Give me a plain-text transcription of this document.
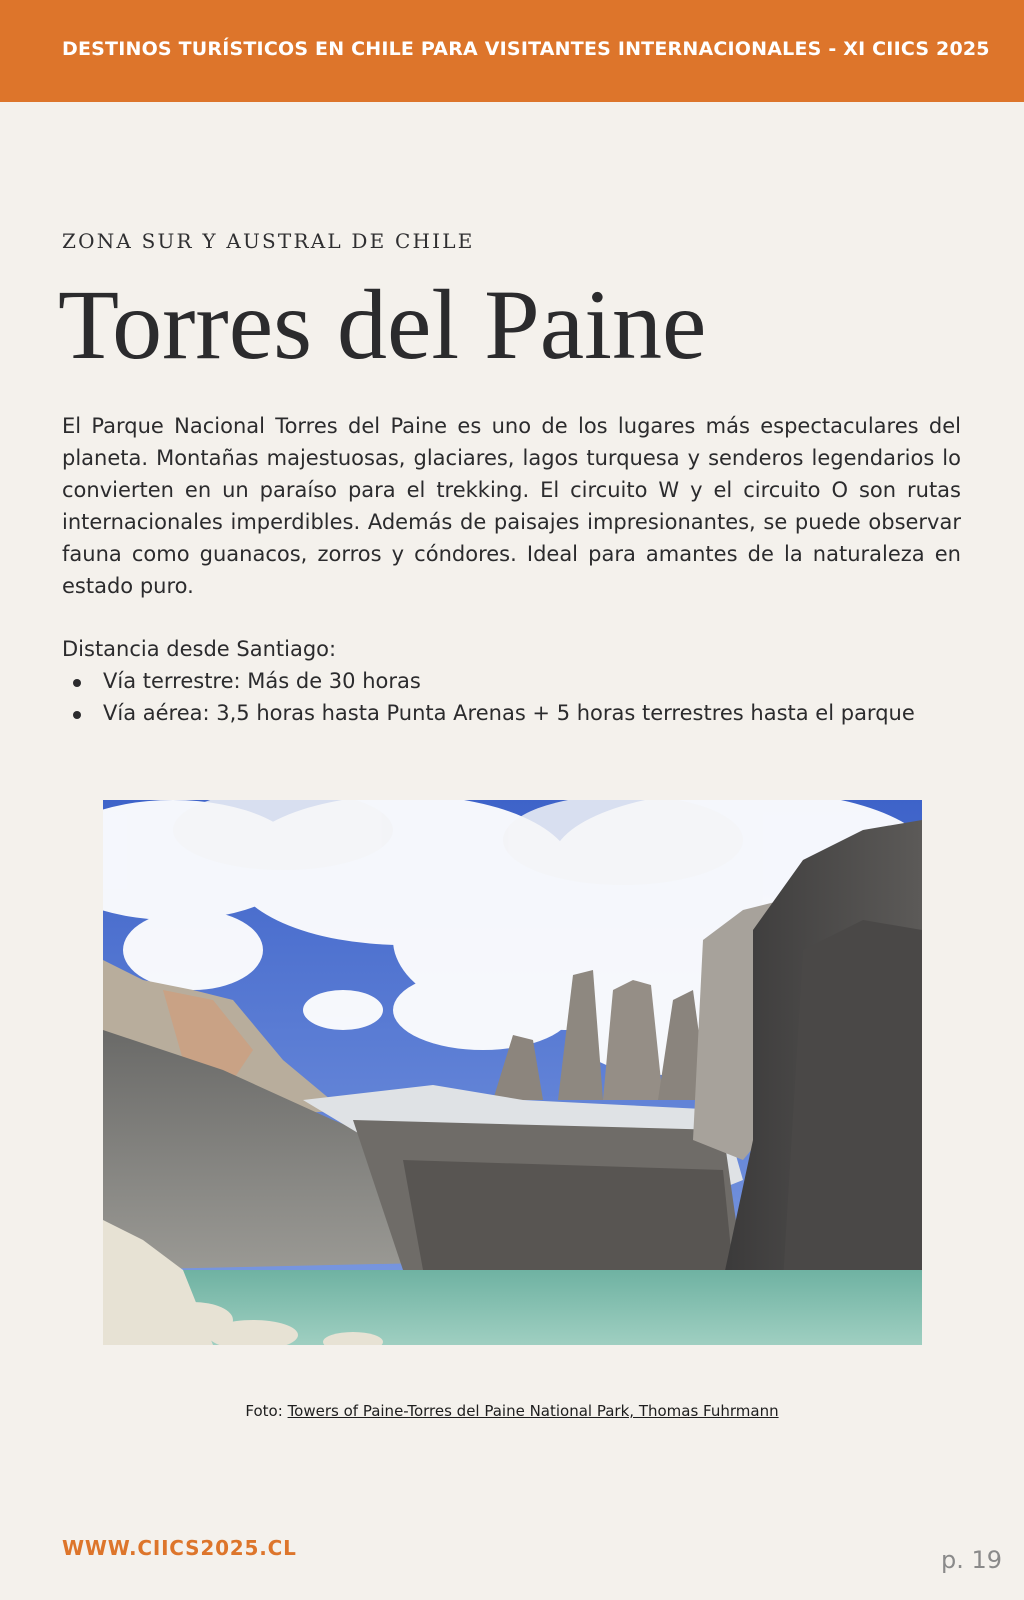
DESTINOS TURÍSTICOS EN CHILE PARA VISITANTES INTERNACIONALES - XI CIICS 2025
ZONA SUR Y AUSTRAL DE CHILE
Torres del Paine

El Parque Nacional Torres del Paine es uno de los lugares más espectaculares del planeta. Montañas majestuosas, glaciares, lagos turquesa y senderos legendarios lo convierten en un paraíso para el trekking. El circuito W y el circuito O son rutas internacionales imperdibles. Además de paisajes impresionantes, se puede observar fauna como guanacos, zorros y cóndores. Ideal para amantes de la naturaleza en estado puro.

Distancia desde Santiago:

Vía terrestre: Más de 30 horas
Vía aérea: 3,5 horas hasta Punta Arenas + 5 horas terrestres hasta el parque
Foto: Towers of Paine-Torres del Paine National Park, Thomas Fuhrmann
WWW.CIICS2025.CL	p. 19
